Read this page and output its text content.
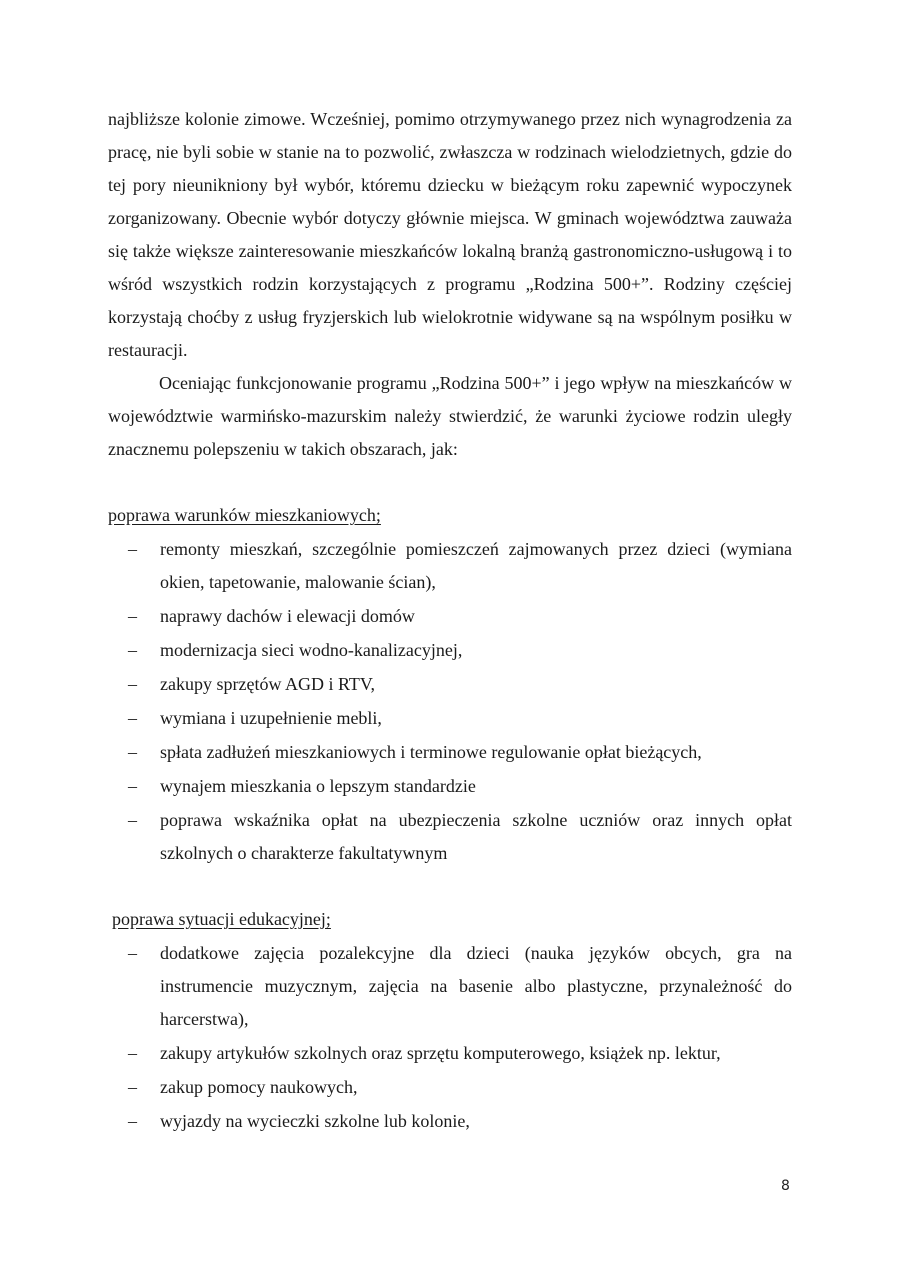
najbliższe kolonie zimowe. Wcześniej, pomimo otrzymywanego przez nich wynagrodzenia za pracę, nie byli sobie w stanie na to pozwolić, zwłaszcza w rodzinach wielodzietnych, gdzie do tej pory nieunikniony był wybór, któremu dziecku w bieżącym roku zapewnić wypoczynek zorganizowany. Obecnie wybór dotyczy głównie miejsca. W gminach województwa zauważa się także większe zainteresowanie mieszkańców lokalną branżą gastronomiczno-usługową i to wśród wszystkich rodzin korzystających z programu „Rodzina 500+”. Rodziny częściej korzystają choćby z usług fryzjerskich lub wielokrotnie widywane są na wspólnym posiłku w restauracji.

Oceniając funkcjonowanie programu „Rodzina 500+” i jego wpływ na mieszkańców w województwie warmińsko-mazurskim należy stwierdzić, że warunki życiowe rodzin uległy znacznemu polepszeniu w takich obszarach, jak:

poprawa warunków mieszkaniowych;

– remonty mieszkań, szczególnie pomieszczeń zajmowanych przez dzieci (wymiana okien, tapetowanie, malowanie ścian),
– naprawy dachów i elewacji domów
– modernizacja sieci wodno-kanalizacyjnej,
– zakupy sprzętów AGD i RTV,
– wymiana i uzupełnienie mebli,
– spłata zadłużeń mieszkaniowych i terminowe regulowanie opłat bieżących,
– wynajem mieszkania o lepszym standardzie
– poprawa wskaźnika opłat na ubezpieczenia szkolne uczniów oraz innych opłat szkolnych o charakterze fakultatywnym

poprawa sytuacji edukacyjnej;

– dodatkowe zajęcia pozalekcyjne dla dzieci (nauka języków obcych, gra na instrumencie muzycznym, zajęcia na basenie albo plastyczne, przynależność do harcerstwa),
– zakupy artykułów szkolnych oraz sprzętu komputerowego, książek np. lektur,
– zakup pomocy naukowych,
– wyjazdy na wycieczki szkolne lub kolonie,
8
